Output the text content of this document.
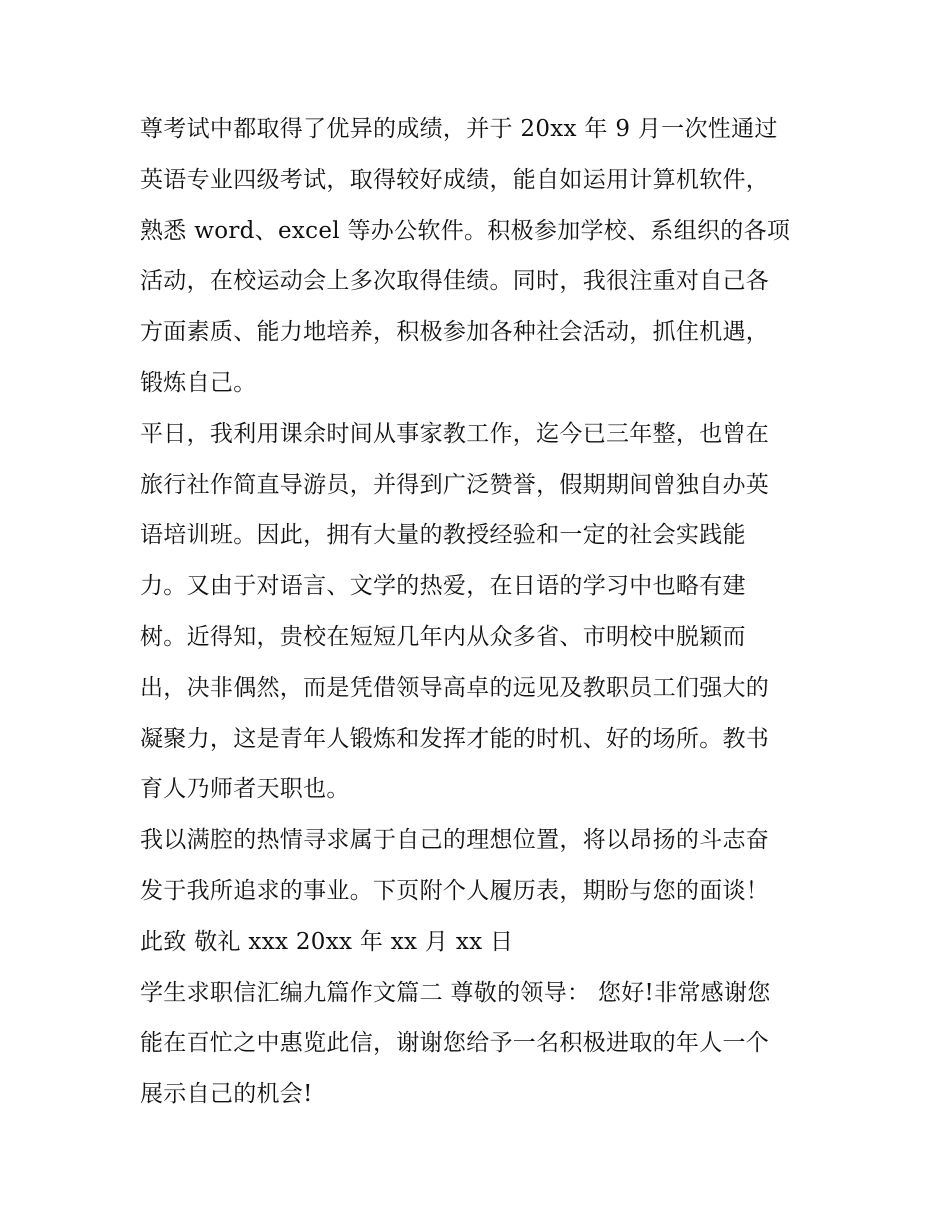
尊考试中都取得了优异的成绩，并于 20xx 年 9 月一次性通过
英语专业四级考试，取得较好成绩，能自如运用计算机软件，
熟悉 word、excel 等办公软件。积极参加学校、系组织的各项
活动，在校运动会上多次取得佳绩。同时，我很注重对自己各
方面素质、能力地培养，积极参加各种社会活动，抓住机遇，
锻炼自己。
平日，我利用课余时间从事家教工作，迄今已三年整，也曾在
旅行社作简直导游员，并得到广泛赞誉，假期期间曾独自办英
语培训班。因此，拥有大量的教授经验和一定的社会实践能
力。又由于对语言、文学的热爱，在日语的学习中也略有建
树。近得知，贵校在短短几年内从众多省、市明校中脱颖而
出，决非偶然，而是凭借领导高卓的远见及教职员工们强大的
凝聚力，这是青年人锻炼和发挥才能的时机、好的场所。教书
育人乃师者天职也。
我以满腔的热情寻求属于自己的理想位置，将以昂扬的斗志奋
发于我所追求的事业。下页附个人履历表，期盼与您的面谈！
此致 敬礼 xxx 20xx 年 xx 月 xx 日
学生求职信汇编九篇作文篇二 尊敬的领导： 您好!非常感谢您
能在百忙之中惠览此信，谢谢您给予一名积极进取的年人一个
展示自己的机会!
